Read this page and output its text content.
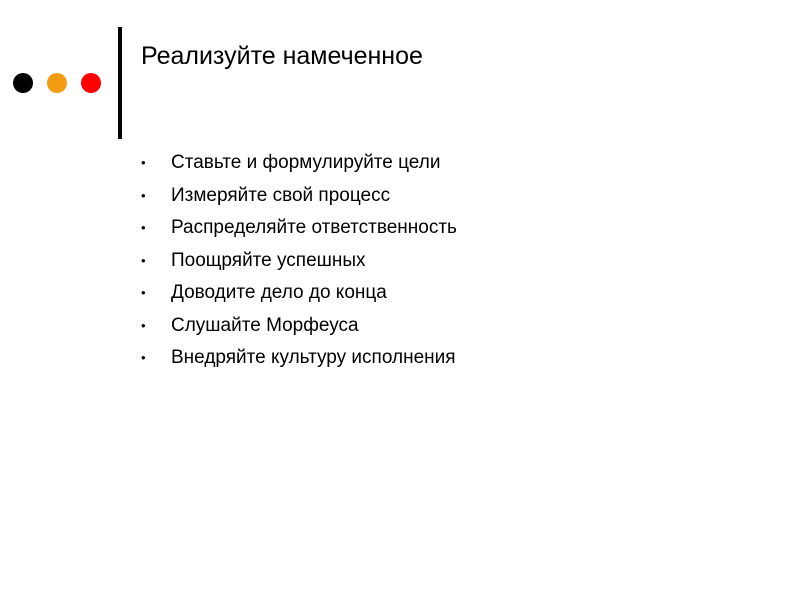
Реализуйте намеченное
• Ставьте и формулируйте цели
• Измеряйте свой процесс
• Распределяйте ответственность
• Поощряйте успешных
• Доводите дело до конца
• Слушайте Морфеуса
• Внедряйте культуру исполнения
